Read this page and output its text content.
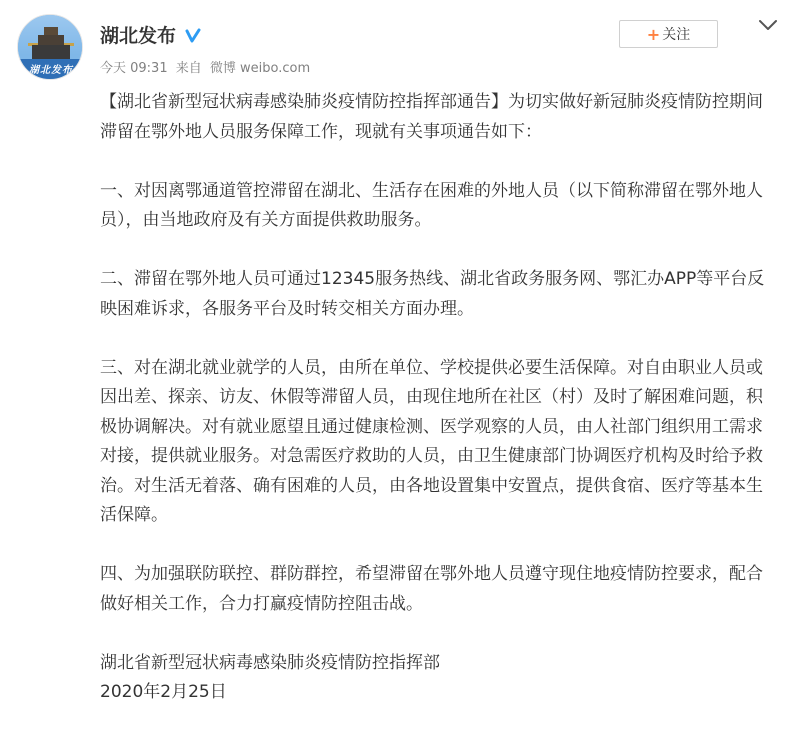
湖北发布
湖北发布
今天 09:31 来自 微博 weibo.com
+ 关注

【湖北省新型冠状病毒感染肺炎疫情防控指挥部通告】为切实做好新冠肺炎疫情防控期间滞留在鄂外地人员服务保障工作，现就有关事项通告如下：

一、对因离鄂通道管控滞留在湖北、生活存在困难的外地人员（以下简称滞留在鄂外地人员），由当地政府及有关方面提供救助服务。

二、滞留在鄂外地人员可通过12345服务热线、湖北省政务服务网、鄂汇办APP等平台反映困难诉求，各服务平台及时转交相关方面办理。

三、对在湖北就业就学的人员，由所在单位、学校提供必要生活保障。对自由职业人员或因出差、探亲、访友、休假等滞留人员，由现住地所在社区（村）及时了解困难问题，积极协调解决。对有就业愿望且通过健康检测、医学观察的人员，由人社部门组织用工需求对接，提供就业服务。对急需医疗救助的人员，由卫生健康部门协调医疗机构及时给予救治。对生活无着落、确有困难的人员，由各地设置集中安置点，提供食宿、医疗等基本生活保障。

四、为加强联防联控、群防群控，希望滞留在鄂外地人员遵守现住地疫情防控要求，配合做好相关工作，合力打赢疫情防控阻击战。

湖北省新型冠状病毒感染肺炎疫情防控指挥部

2020年2月25日
